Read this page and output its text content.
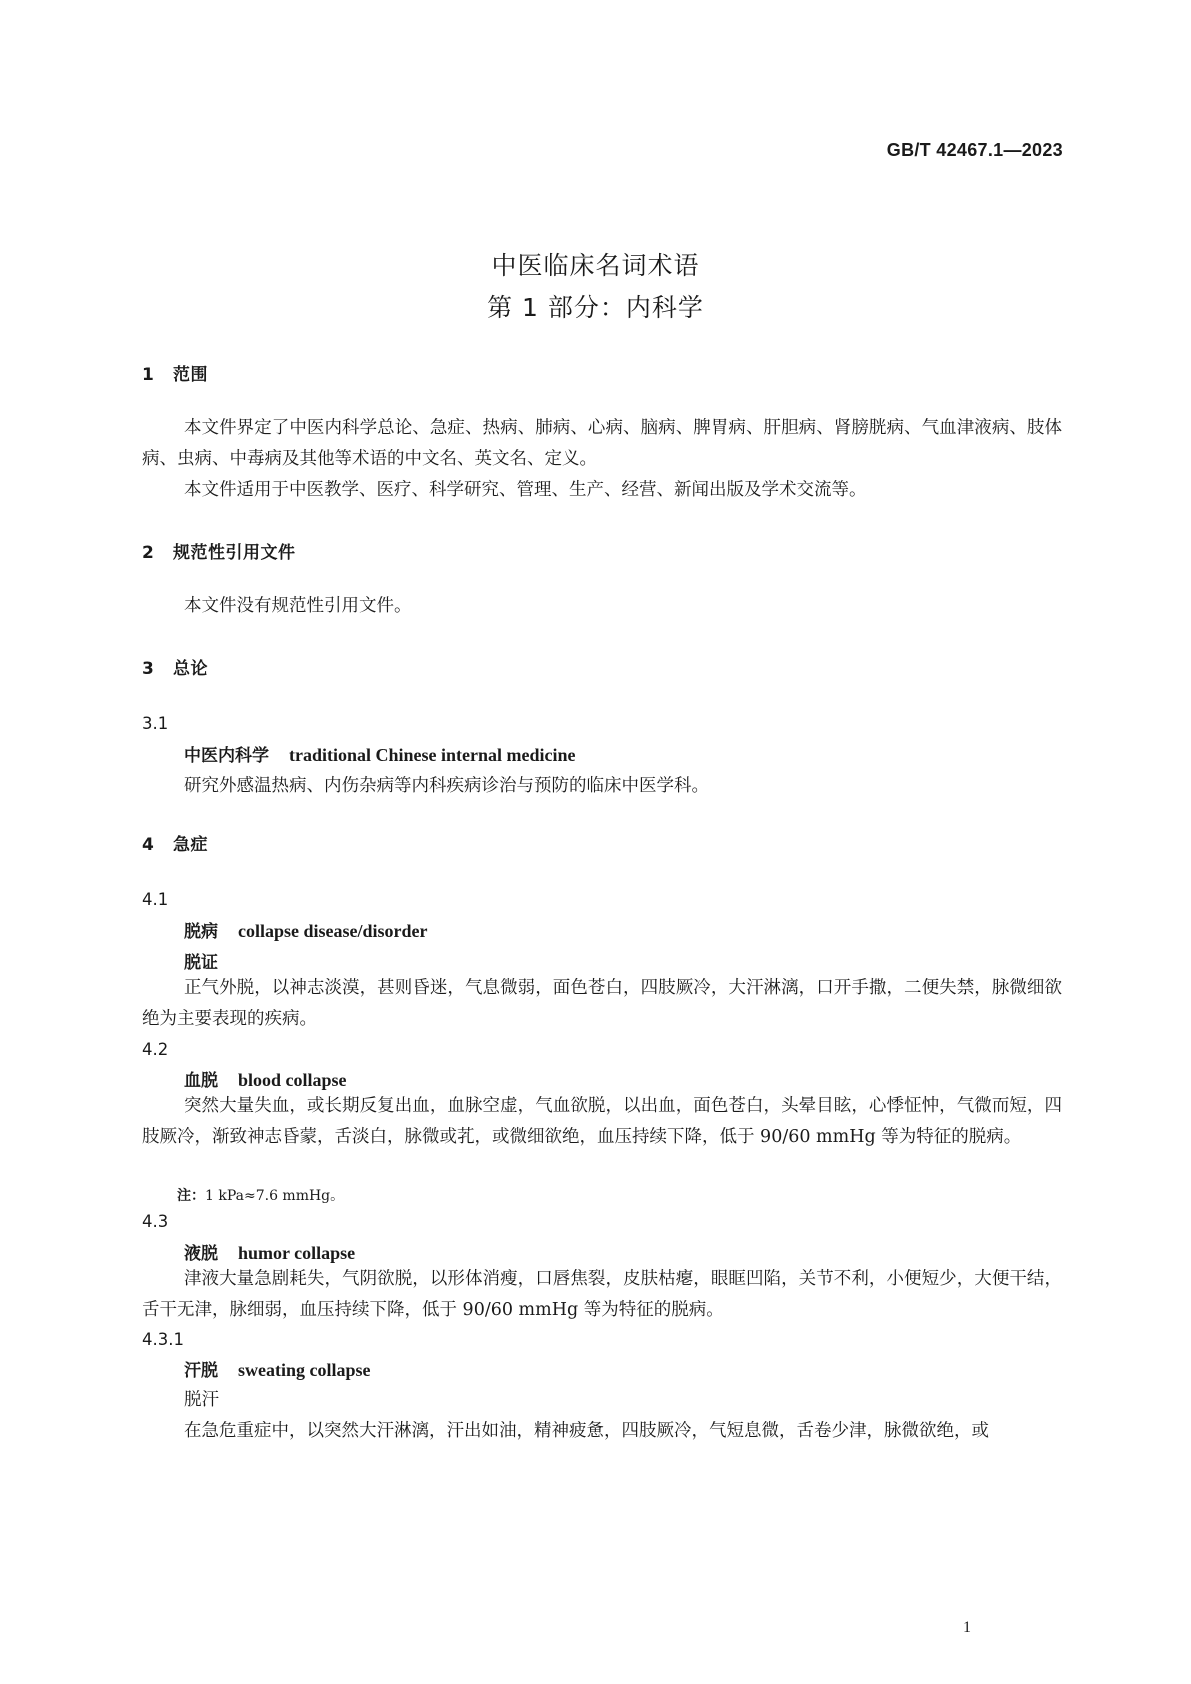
GB/T 42467.1—2023
中医临床名词术语
第 1 部分：内科学
1 范围
本文件界定了中医内科学总论、急症、热病、肺病、心病、脑病、脾胃病、肝胆病、肾膀胱病、气血津液病、肢体病、虫病、中毒病及其他等术语的中文名、英文名、定义。
本文件适用于中医教学、医疗、科学研究、管理、生产、经营、新闻出版及学术交流等。
2 规范性引用文件
本文件没有规范性引用文件。
3 总论
3.1
中医内科学 traditional Chinese internal medicine
研究外感温热病、内伤杂病等内科疾病诊治与预防的临床中医学科。
4 急症
4.1
脱病 collapse disease/disorder
脱证
正气外脱，以神志淡漠，甚则昏迷，气息微弱，面色苍白，四肢厥冷，大汗淋漓，口开手撒，二便失禁，脉微细欲绝为主要表现的疾病。
4.2
血脱 blood collapse
突然大量失血，或长期反复出血，血脉空虚，气血欲脱，以出血，面色苍白，头晕目眩，心悸怔忡，气微而短，四肢厥冷，渐致神志昏蒙，舌淡白，脉微或芤，或微细欲绝，血压持续下降，低于 90/60 mmHg 等为特征的脱病。
注：1 kPa≈7.6 mmHg。
4.3
液脱 humor collapse
津液大量急剧耗失，气阴欲脱，以形体消瘦，口唇焦裂，皮肤枯瘪，眼眶凹陷，关节不利，小便短少，大便干结，舌干无津，脉细弱，血压持续下降，低于 90/60 mmHg 等为特征的脱病。
4.3.1
汗脱 sweating collapse
脱汗
在急危重症中，以突然大汗淋漓，汗出如油，精神疲惫，四肢厥冷，气短息微，舌卷少津，脉微欲绝，或
1
